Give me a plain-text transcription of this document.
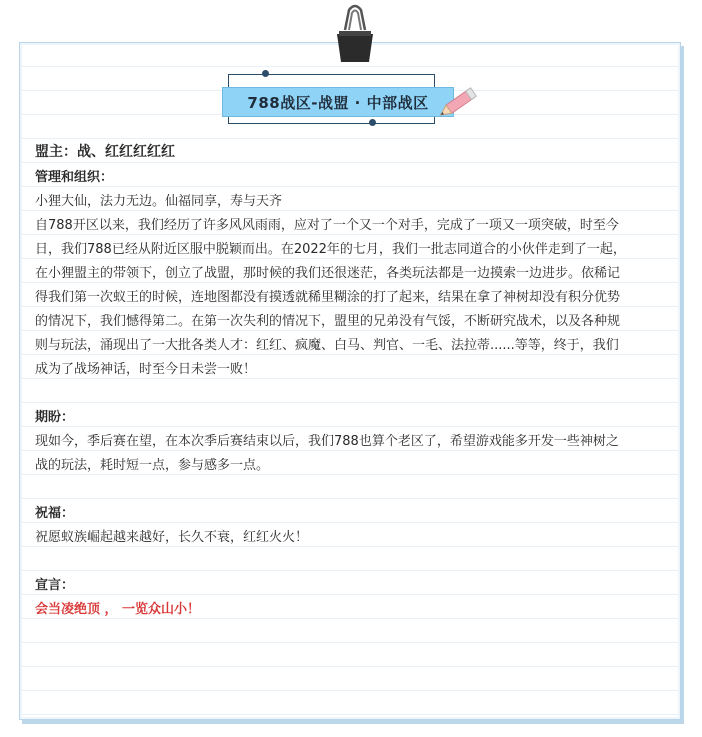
788战区-战盟 · 中部战区

盟主：战、红红红红红

管理和组织：

小狸大仙，法力无边。仙福同享，寿与天齐

自788开区以来，我们经历了许多风风雨雨，应对了一个又一个对手，完成了一项又一项突破，时至今

日，我们788已经从附近区服中脱颖而出。在2022年的七月，我们一批志同道合的小伙伴走到了一起，

在小狸盟主的带领下，创立了战盟，那时候的我们还很迷茫，各类玩法都是一边摸索一边进步。依稀记

得我们第一次蚁王的时候，连地图都没有摸透就稀里糊涂的打了起来，结果在拿了神树却没有积分优势

的情况下，我们憾得第二。在第一次失利的情况下，盟里的兄弟没有气馁，不断研究战术，以及各种规

则与玩法，涌现出了一大批各类人才：红红、疯魔、白马、判官、一毛、法拉蒂......等等，终于，我们

成为了战场神话，时至今日未尝一败！

期盼：

现如今，季后赛在望，在本次季后赛结束以后，我们788也算个老区了，希望游戏能多开发一些神树之

战的玩法，耗时短一点，参与感多一点。

祝福：

祝愿蚁族崛起越来越好，长久不衰，红红火火！

宣言：

会当凌绝顶 ， 一览众山小！
